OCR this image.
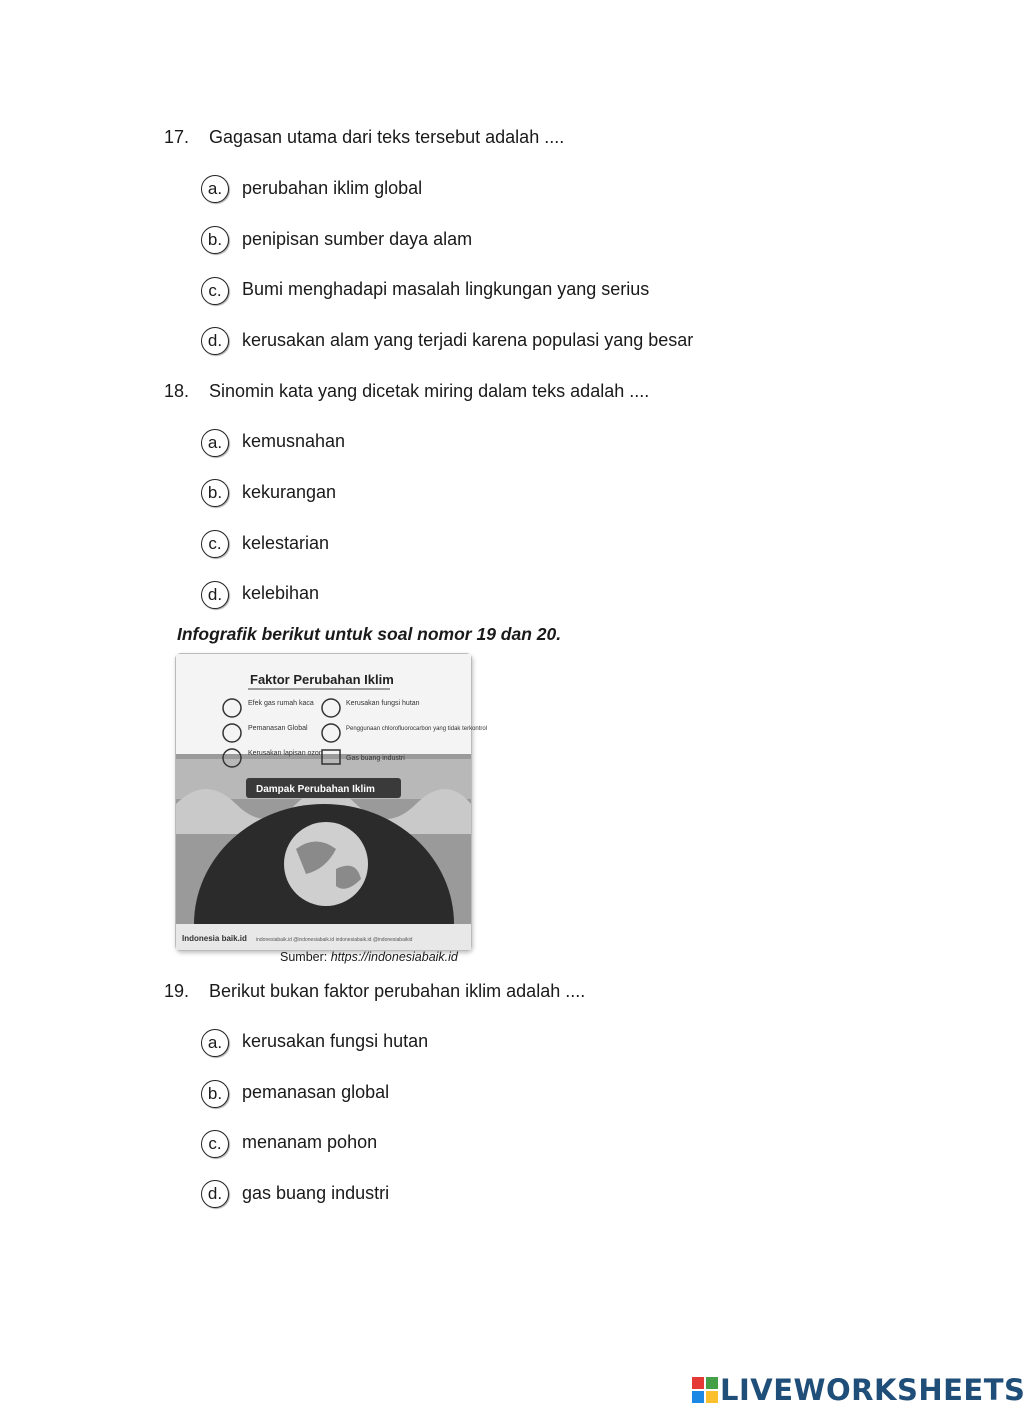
17. Gagasan utama dari teks tersebut adalah ....
a. perubahan iklim global
b. penipisan sumber daya alam
c. Bumi menghadapi masalah lingkungan yang serius
d. kerusakan alam yang terjadi karena populasi yang besar
18. Sinomin kata yang dicetak miring dalam teks adalah ....
a. kemusnahan
b. kekurangan
c. kelestarian
d. kelebihan
Infografik berikut untuk soal nomor 19 dan 20.
Faktor Perubahan Iklim
Efek gas rumah kaca
Pemanasan Global
Kerusakan lapisan ozon
Kerusakan fungsi hutan
Penggunaan chlorofluorocarbon yang tidak terkontrol
Gas buang industri
Dampak Perubahan Iklim
Indonesia baik.id indonesiabaik.id @indonesiabaik.id indonesiabaik.id @indonesiabaikid
Sumber: https://indonesiabaik.id
19. Berikut bukan faktor perubahan iklim adalah ....
a. kerusakan fungsi hutan
b. pemanasan global
c. menanam pohon
d. gas buang industri
LIVEWORKSHEETS
